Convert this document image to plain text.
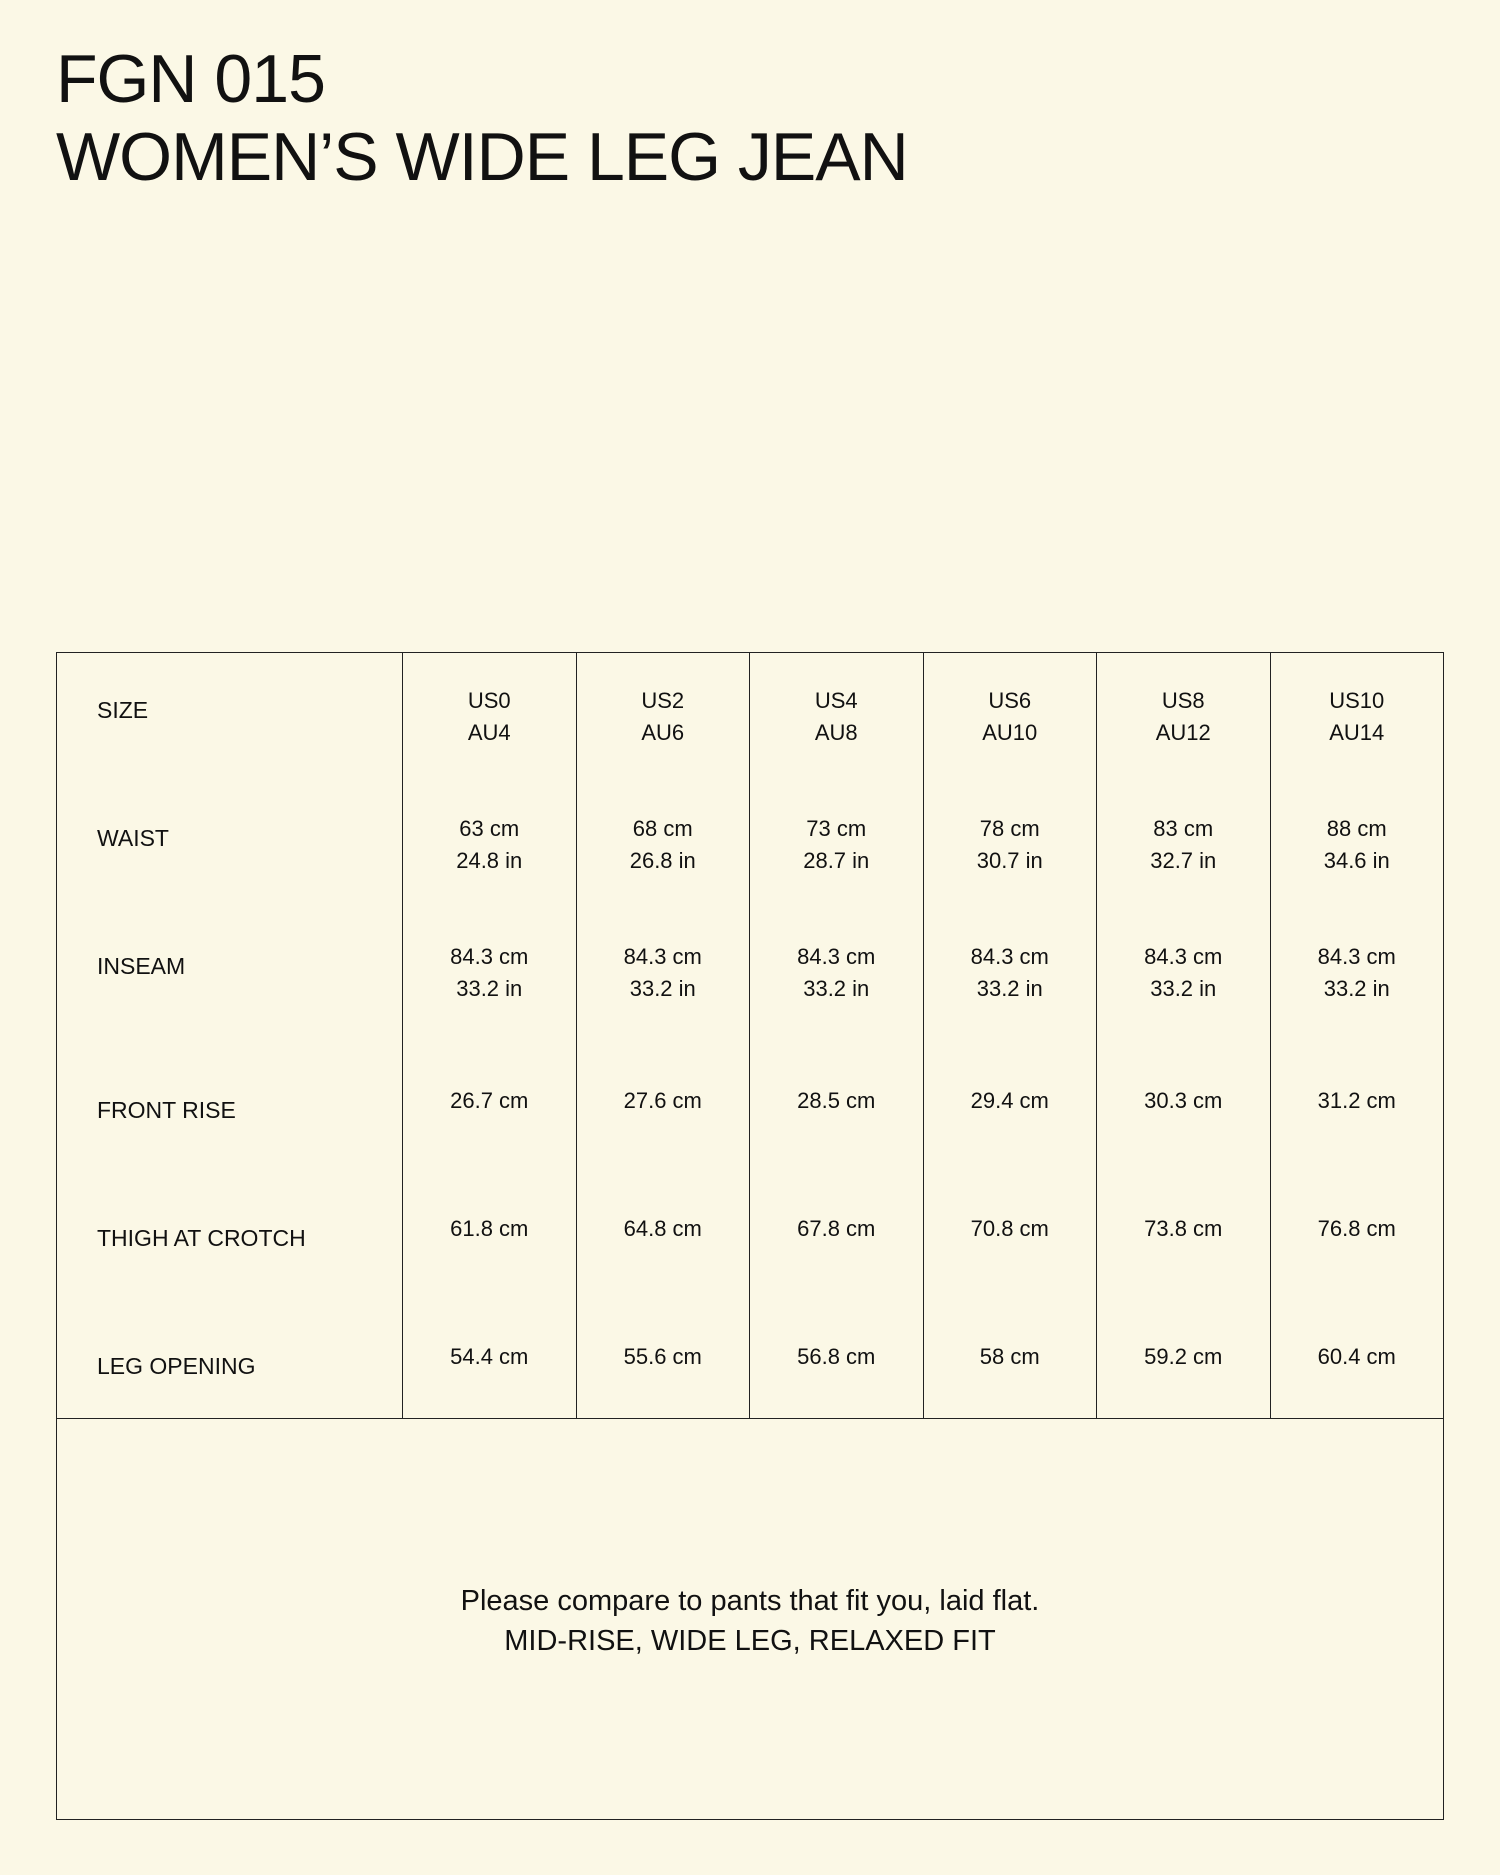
FGN 015
WOMEN’S WIDE LEG JEAN
SIZE
WAIST
INSEAM
FRONT RISE
THIGH AT CROTCH
LEG OPENING
US0
AU4
63 cm
24.8 in
84.3 cm
33.2 in
26.7 cm
61.8 cm
54.4 cm
US2
AU6
68 cm
26.8 in
84.3 cm
33.2 in
27.6 cm
64.8 cm
55.6 cm
US4
AU8
73 cm
28.7 in
84.3 cm
33.2 in
28.5 cm
67.8 cm
56.8 cm
US6
AU10
78 cm
30.7 in
84.3 cm
33.2 in
29.4 cm
70.8 cm
58 cm
US8
AU12
83 cm
32.7 in
84.3 cm
33.2 in
30.3 cm
73.8 cm
59.2 cm
US10
AU14
88 cm
34.6 in
84.3 cm
33.2 in
31.2 cm
76.8 cm
60.4 cm
Please compare to pants that fit you, laid flat.
MID-RISE, WIDE LEG, RELAXED FIT
